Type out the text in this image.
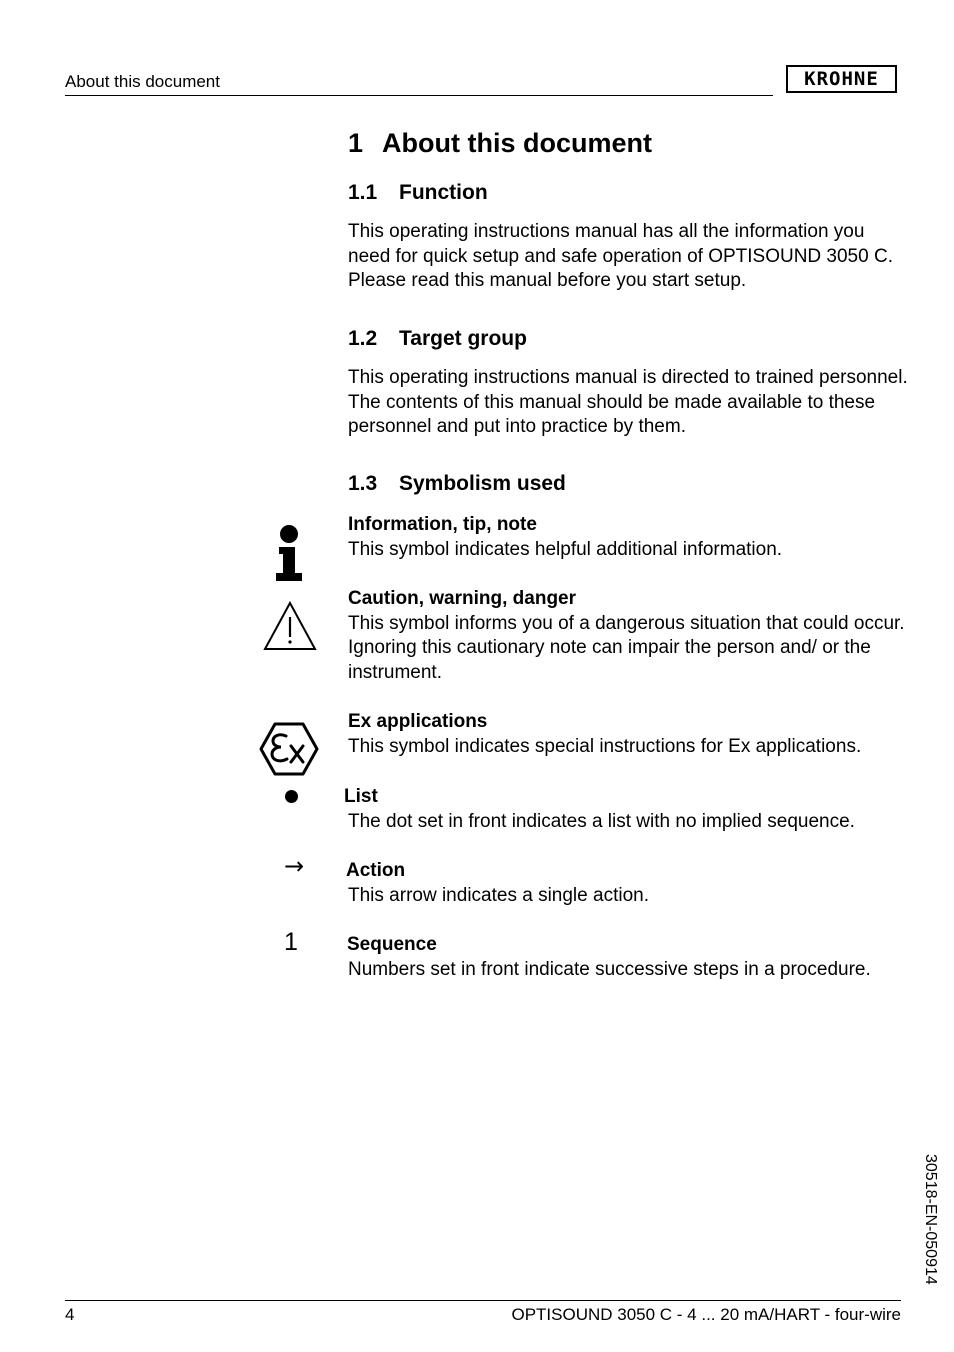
About this document	KROHNE
1 About this document
1.1 Function
This operating instructions manual has all the information you need for quick setup and safe operation of OPTISOUND 3050 C. Please read this manual before you start setup.
1.2 Target group
This operating instructions manual is directed to trained personnel. The contents of this manual should be made available to these personnel and put into practice by them.
1.3 Symbolism used
Information, tip, note
This symbol indicates helpful additional information.
Caution, warning, danger
This symbol informs you of a dangerous situation that could occur. Ignoring this cautionary note can impair the person and/ or the instrument.
Ex applications
This symbol indicates special instructions for Ex applications.
List
The dot set in front indicates a list with no implied sequence.
→ Action
This arrow indicates a single action.
1	Sequence
Numbers set in front indicate successive steps in a procedure.
30518-EN-050914
4	OPTISOUND 3050 C - 4 ... 20 mA/HART - four-wire
